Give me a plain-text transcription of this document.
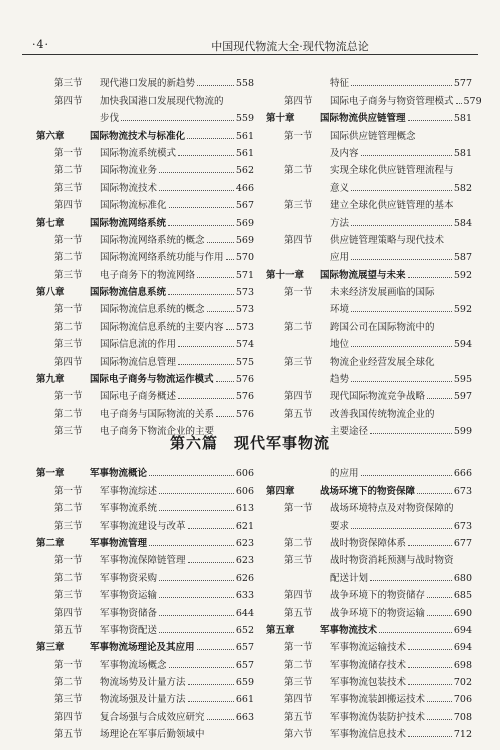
·4·	中国现代物流大全·现代物流总论
第三节 现代港口发展的新趋势	558
第四节 加快我国港口发展现代物流的
步伐	559
第六章	国际物流技术与标准化	561
第一节 国际物流系统模式	561
第二节 国际物流业务	562
第三节 国际物流技术	466
第四节 国际物流标准化	567
第七章	国际物流网络系统	569
第一节 国际物流网络系统的概念	569
第二节 国际物流网络系统功能与作用 570
第三节 电子商务下的物流网络	571
第八章	国际物流信息系统	573
第一节 国际物流信息系统的概念	573
第二节 国际物流信息系统的主要内容 573
第三节 国际信息流的作用	574
第四节 国际物流信息管理	575
第九章	国际电子商务与物流运作模式 576
第一节 国际电子商务概述	576
第二节 电子商务与国际物流的关系 576
第三节 电子商务下物流企业的主要
特征	577
第四节 国际电子商务与物资管理模式 579
第十章	国际物流供应链管理	581
第一节 国际供应链管理概念
及内容	581
第二节 实现全球化供应链管理流程与
意义	582
第三节 建立全球化供应链管理的基本
方法	584
第四节 供应链管理策略与现代技术
应用	587
第十一章 国际物流展望与未来	592
第一节 未来经济发展画临的国际
环境	592
第二节 跨国公司在国际物流中的
地位	594
第三节 物流企业经营发展全球化
趋势	595
第四节 现代国际物流竞争战略	597
第五节 改善我国传统物流企业的
主要途径	599
第六篇　现代军事物流
第一章	军事物流概论	606
第一节 军事物流综述	606
第二节 军事物流系统	613
第三节 军事物流建设与改革	621
第二章	军事物流管理	623
第一节 军事物流保障链管理	623
第二节 军事物资采购	626
第三节 军事物资运输	633
第四节 军事物资储备	644
第五节 军事物资配送	652
第三章	军事物流场理论及其应用	657
第一节 军事物流场概念	657
第二节 物流场势及计量方法	659
第三节 物流场强及计量方法	661
第四节 复合场强与合成效应研究	663
第五节 场理论在军事后勤领域中
的应用	666
第四章	战场环境下的物资保障	673
第一节 战场环境特点及对物资保障的
要求	673
第二节 战时物资保障体系	677
第三节 战时物资消耗预测与战时物资
配送计划	680
第四节 战争环境下的物资储存	685
第五节 战争环境下的物资运输	690
第五章	军事物流技术	694
第一节 军事物流运输技术	694
第二节 军事物流储存技术	698
第三节 军事物流包装技术	702
第四节 军事物流装卸搬运技术	706
第五节 军事物流伪装防护技术	708
第六节 军事物流信息技术	712
